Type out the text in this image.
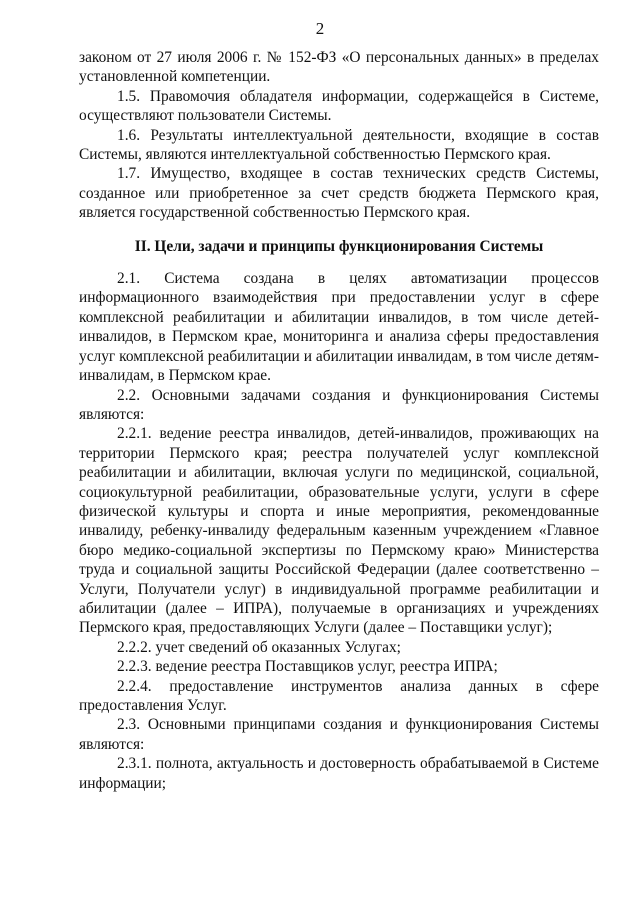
2

законом от 27 июля 2006 г. № 152-ФЗ «О персональных данных» в пределах установленной компетенции.

1.5. Правомочия обладателя информации, содержащейся в Системе, осуществляют пользователи Системы.

1.6. Результаты интеллектуальной деятельности, входящие в состав Системы, являются интеллектуальной собственностью Пермского края.

1.7. Имущество, входящее в состав технических средств Системы, созданное или приобретенное за счет средств бюджета Пермского края, является государственной собственностью Пермского края.

II. Цели, задачи и принципы функционирования Системы

2.1. Система создана в целях автоматизации процессов информационного взаимодействия при предоставлении услуг в сфере комплексной реабилитации и абилитации инвалидов, в том числе детей-инвалидов, в Пермском крае, мониторинга и анализа сферы предоставления услуг комплексной реабилитации и абилитации инвалидам, в том числе детям-инвалидам, в Пермском крае.

2.2. Основными задачами создания и функционирования Системы являются:

2.2.1. ведение реестра инвалидов, детей-инвалидов, проживающих на территории Пермского края; реестра получателей услуг комплексной реабилитации и абилитации, включая услуги по медицинской, социальной, социокультурной реабилитации, образовательные услуги, услуги в сфере физической культуры и спорта и иные мероприятия, рекомендованные инвалиду, ребенку-инвалиду федеральным казенным учреждением «Главное бюро медико-социальной экспертизы по Пермскому краю» Министерства труда и социальной защиты Российской Федерации (далее соответственно – Услуги, Получатели услуг) в индивидуальной программе реабилитации и абилитации (далее – ИПРА), получаемые в организациях и учреждениях Пермского края, предоставляющих Услуги (далее – Поставщики услуг);

2.2.2. учет сведений об оказанных Услугах;

2.2.3. ведение реестра Поставщиков услуг, реестра ИПРА;

2.2.4. предоставление инструментов анализа данных в сфере предоставления Услуг.

2.3. Основными принципами создания и функционирования Системы являются:

2.3.1. полнота, актуальность и достоверность обрабатываемой в Системе информации;
